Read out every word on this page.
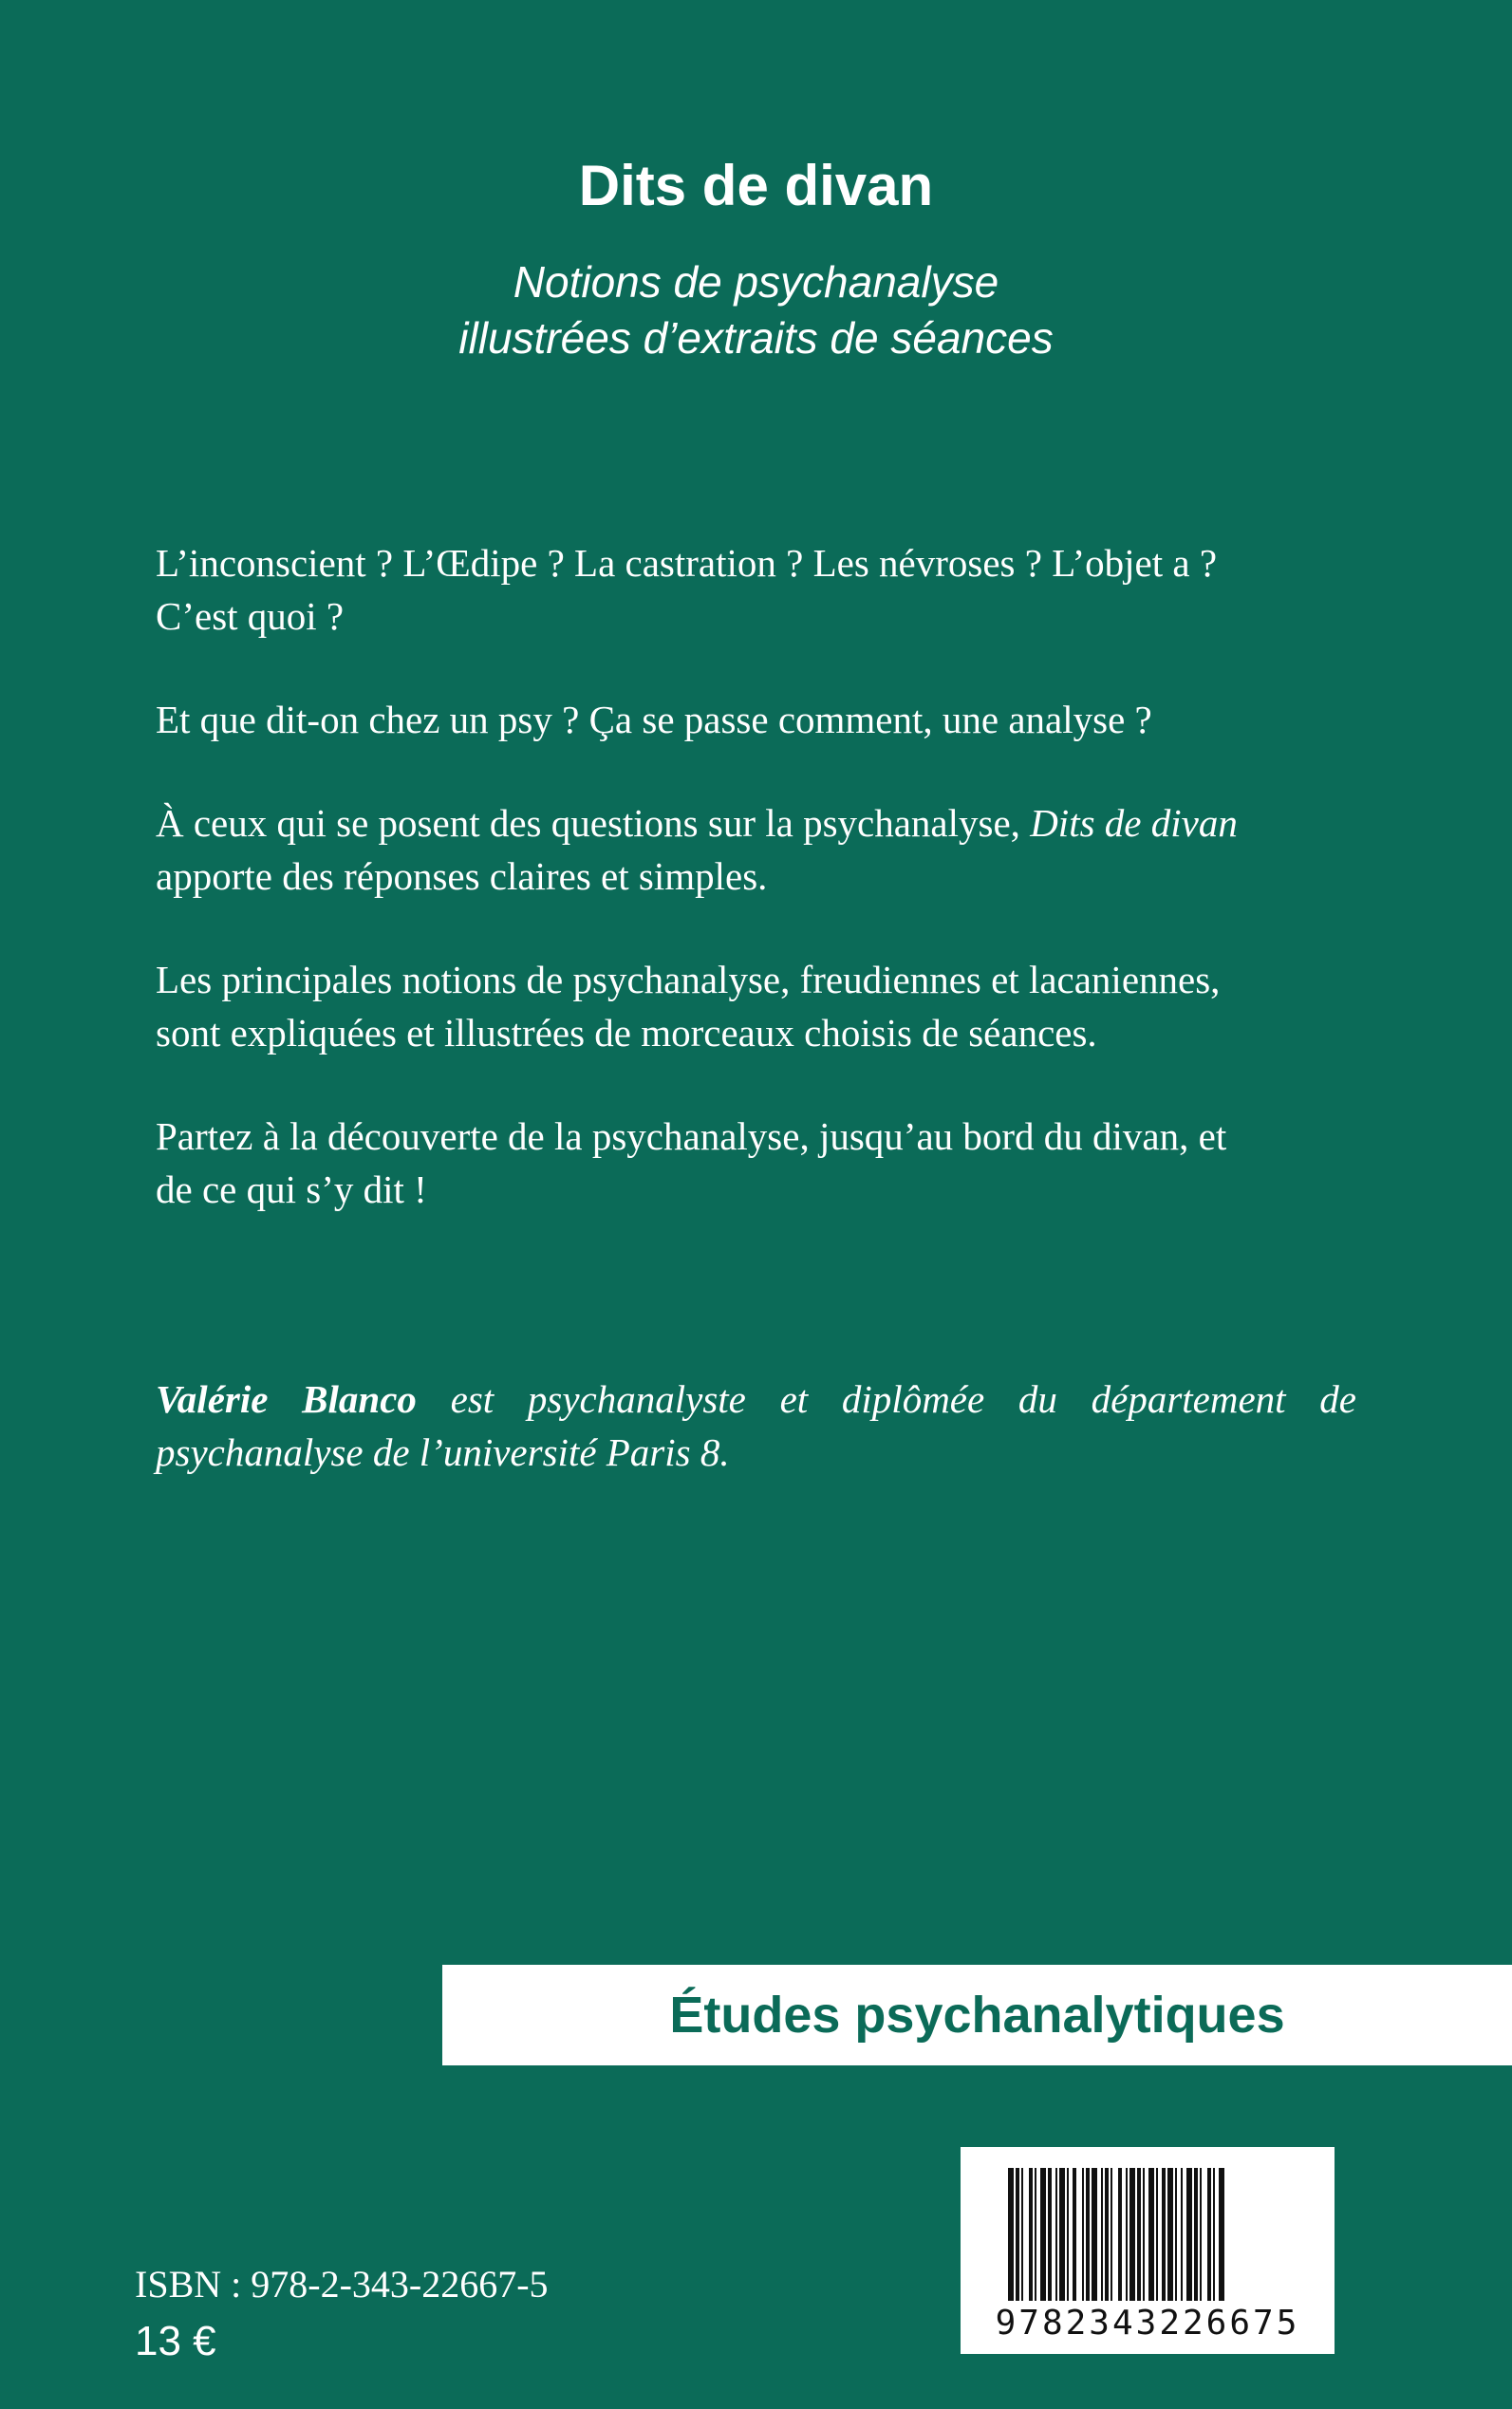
Dits de divan
Notions de psychanalyse
illustrées d’extraits de séances

L’inconscient ? L’Œdipe ? La castration ? Les névroses ? L’objet a ?
C’est quoi ?

Et que dit-on chez un psy ? Ça se passe comment, une analyse ?

À ceux qui se posent des questions sur la psychanalyse, Dits de divan
apporte des réponses claires et simples.

Les principales notions de psychanalyse, freudiennes et lacaniennes,
sont expliquées et illustrées de morceaux choisis de séances.

Partez à la découverte de la psychanalyse, jusqu’au bord du divan, et
de ce qui s’y dit !

Valérie Blanco est psychanalyste et diplômée du département de psychanalyse de l’université Paris 8.

Études psychanalytiques
9782343226675

ISBN : 978-2-343-22667-5

13 €
